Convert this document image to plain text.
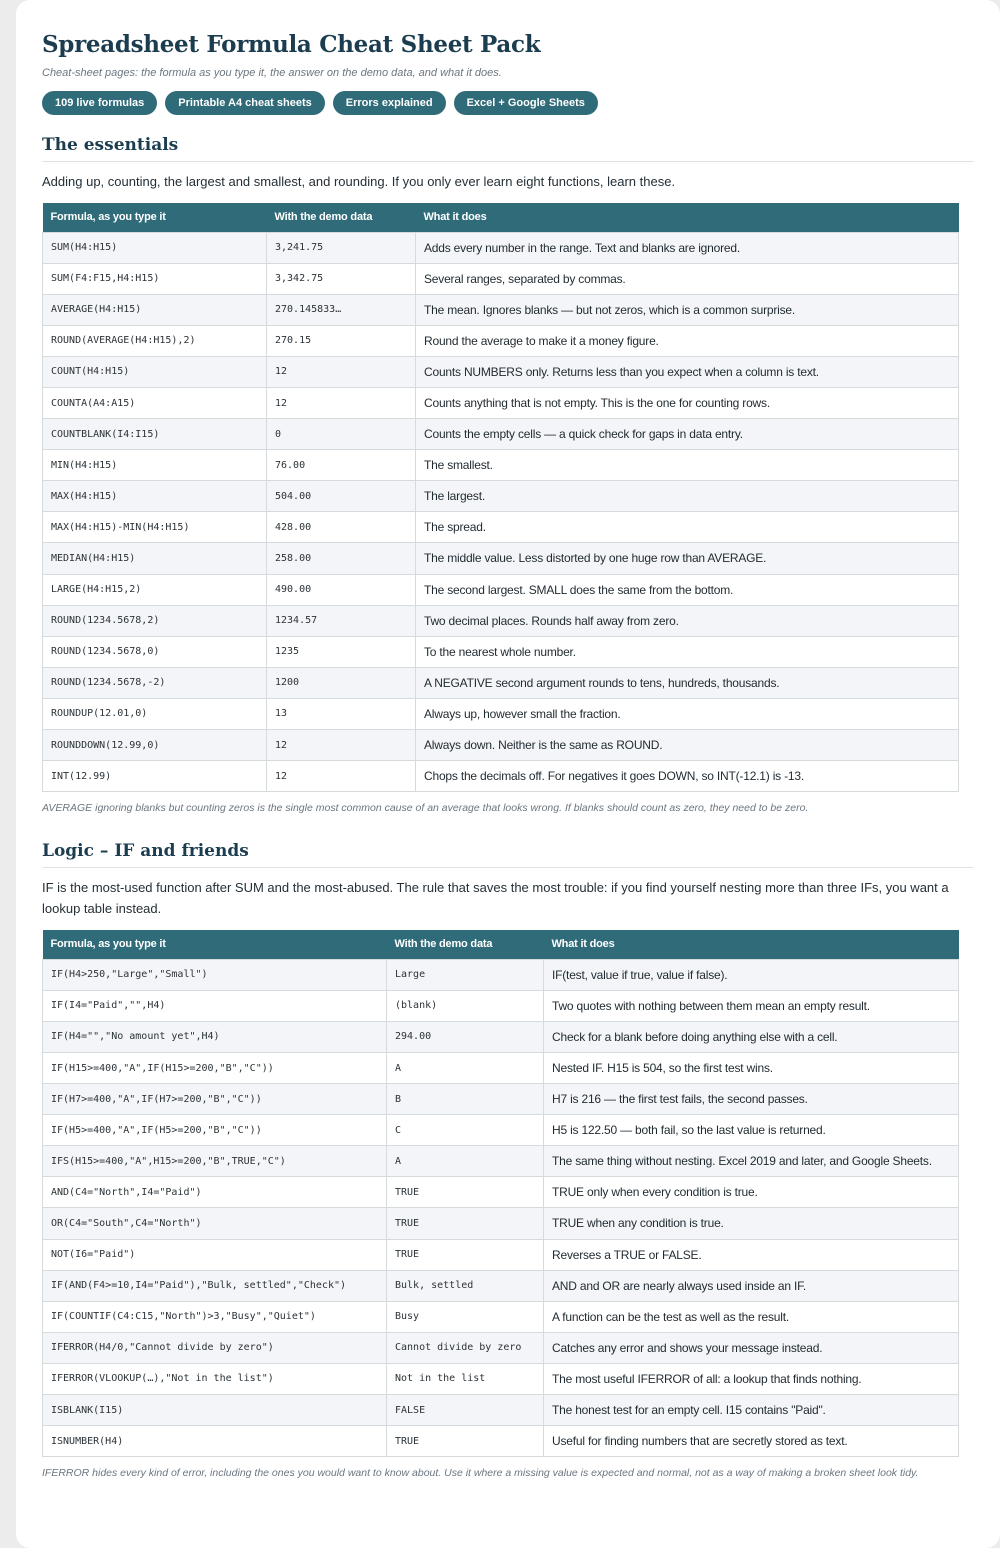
Spreadsheet Formula Cheat Sheet Pack
Cheat-sheet pages: the formula as you type it, the answer on the demo data, and what it does.
109 live formulas	Printable A4 cheat sheets	Errors explained	Excel + Google Sheets
The essentials

Adding up, counting, the largest and smallest, and rounding. If you only ever learn eight functions, learn these.

Formula, as you type it	With the demo data	What it does
SUM(H4:H15)	3,241.75	Adds every number in the range. Text and blanks are ignored.
SUM(F4:F15,H4:H15)	3,342.75	Several ranges, separated by commas.
AVERAGE(H4:H15)	270.145833…	The mean. Ignores blanks — but not zeros, which is a common surprise.
ROUND(AVERAGE(H4:H15),2)	270.15	Round the average to make it a money figure.
COUNT(H4:H15)	12	Counts NUMBERS only. Returns less than you expect when a column is text.
COUNTA(A4:A15)	12	Counts anything that is not empty. This is the one for counting rows.
COUNTBLANK(I4:I15)	0	Counts the empty cells — a quick check for gaps in data entry.
MIN(H4:H15)	76.00	The smallest.
MAX(H4:H15)	504.00	The largest.
MAX(H4:H15)-MIN(H4:H15)	428.00	The spread.
MEDIAN(H4:H15)	258.00	The middle value. Less distorted by one huge row than AVERAGE.
LARGE(H4:H15,2)	490.00	The second largest. SMALL does the same from the bottom.
ROUND(1234.5678,2)	1234.57	Two decimal places. Rounds half away from zero.
ROUND(1234.5678,0)	1235	To the nearest whole number.
ROUND(1234.5678,-2)	1200	A NEGATIVE second argument rounds to tens, hundreds, thousands.
ROUNDUP(12.01,0)	13	Always up, however small the fraction.
ROUNDDOWN(12.99,0)	12	Always down. Neither is the same as ROUND.
INT(12.99)	12	Chops the decimals off. For negatives it goes DOWN, so INT(-12.1) is -13.

AVERAGE ignoring blanks but counting zeros is the single most common cause of an average that looks wrong. If blanks should count as zero, they need to be zero.

Logic – IF and friends

IF is the most-used function after SUM and the most-abused. The rule that saves the most trouble: if you find yourself nesting more than three IFs, you want a lookup table instead.

Formula, as you type it	With the demo data	What it does
IF(H4>250,"Large","Small")	Large	IF(test, value if true, value if false).
IF(I4="Paid","",H4)	(blank)	Two quotes with nothing between them mean an empty result.
IF(H4="","No amount yet",H4)	294.00	Check for a blank before doing anything else with a cell.
IF(H15>=400,"A",IF(H15>=200,"B","C"))	A	Nested IF. H15 is 504, so the first test wins.
IF(H7>=400,"A",IF(H7>=200,"B","C"))	B	H7 is 216 — the first test fails, the second passes.
IF(H5>=400,"A",IF(H5>=200,"B","C"))	C	H5 is 122.50 — both fail, so the last value is returned.
IFS(H15>=400,"A",H15>=200,"B",TRUE,"C")	A	The same thing without nesting. Excel 2019 and later, and Google Sheets.
AND(C4="North",I4="Paid")	TRUE	TRUE only when every condition is true.
OR(C4="South",C4="North")	TRUE	TRUE when any condition is true.
NOT(I6="Paid")	TRUE	Reverses a TRUE or FALSE.
IF(AND(F4>=10,I4="Paid"),"Bulk, settled","Check")	Bulk, settled	AND and OR are nearly always used inside an IF.
IF(COUNTIF(C4:C15,"North")>3,"Busy","Quiet")	Busy	A function can be the test as well as the result.
IFERROR(H4/0,"Cannot divide by zero")	Cannot divide by zero	Catches any error and shows your message instead.
IFERROR(VLOOKUP(…),"Not in the list")	Not in the list	The most useful IFERROR of all: a lookup that finds nothing.
ISBLANK(I15)	FALSE	The honest test for an empty cell. I15 contains "Paid".
ISNUMBER(H4)	TRUE	Useful for finding numbers that are secretly stored as text.

IFERROR hides every kind of error, including the ones you would want to know about. Use it where a missing value is expected and normal, not as a way of making a broken sheet look tidy.
